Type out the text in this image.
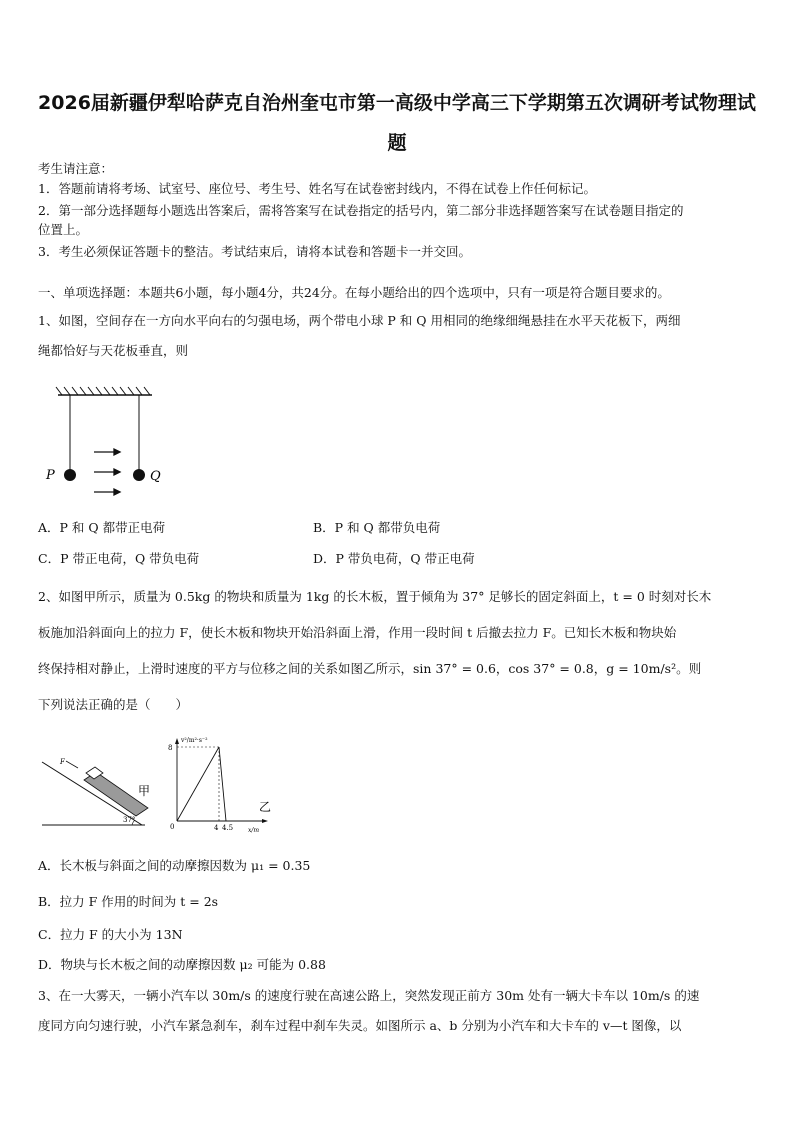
2026届新疆伊犁哈萨克自治州奎屯市第一高级中学高三下学期第五次调研考试物理试
题
考生请注意：
1．答题前请将考场、试室号、座位号、考生号、姓名写在试卷密封线内，不得在试卷上作任何标记。
2．第一部分选择题每小题选出答案后，需将答案写在试卷指定的括号内，第二部分非选择题答案写在试卷题目指定的
位置上。
3．考生必须保证答题卡的整洁。考试结束后，请将本试卷和答题卡一并交回。
一、单项选择题：本题共6小题，每小题4分，共24分。在每小题给出的四个选项中，只有一项是符合题目要求的。
1、如图，空间存在一方向水平向右的匀强电场，两个带电小球 P 和 Q 用相同的绝缘细绳悬挂在水平天花板下，两细
绳都恰好与天花板垂直，则
P	Q
A．P 和 Q 都带正电荷	B．P 和 Q 都带负电荷
C．P 带正电荷，Q 带负电荷	D．P 带负电荷，Q 带正电荷
2、如图甲所示，质量为 0.5kg 的物块和质量为 1kg 的长木板，置于倾角为 37° 足够长的固定斜面上，t = 0 时刻对长木
板施加沿斜面向上的拉力 F，使长木板和物块开始沿斜面上滑，作用一段时间 t 后撤去拉力 F。已知长木板和物块始
终保持相对静止，上滑时速度的平方与位移之间的关系如图乙所示，sin 37° = 0.6，cos 37° = 0.8，g = 10m/s²。则
下列说法正确的是（　　）
F
37°
甲
v²/m²·s⁻²
8
0	4 4.5 x/m
乙
A．长木板与斜面之间的动摩擦因数为 μ₁ = 0.35
B．拉力 F 作用的时间为 t = 2s
C．拉力 F 的大小为 13N
D．物块与长木板之间的动摩擦因数 μ₂ 可能为 0.88
3、在一大雾天，一辆小汽车以 30m/s 的速度行驶在高速公路上，突然发现正前方 30m 处有一辆大卡车以 10m/s 的速
度同方向匀速行驶，小汽车紧急刹车，刹车过程中刹车失灵。如图所示 a、b 分别为小汽车和大卡车的 v—t 图像，以
